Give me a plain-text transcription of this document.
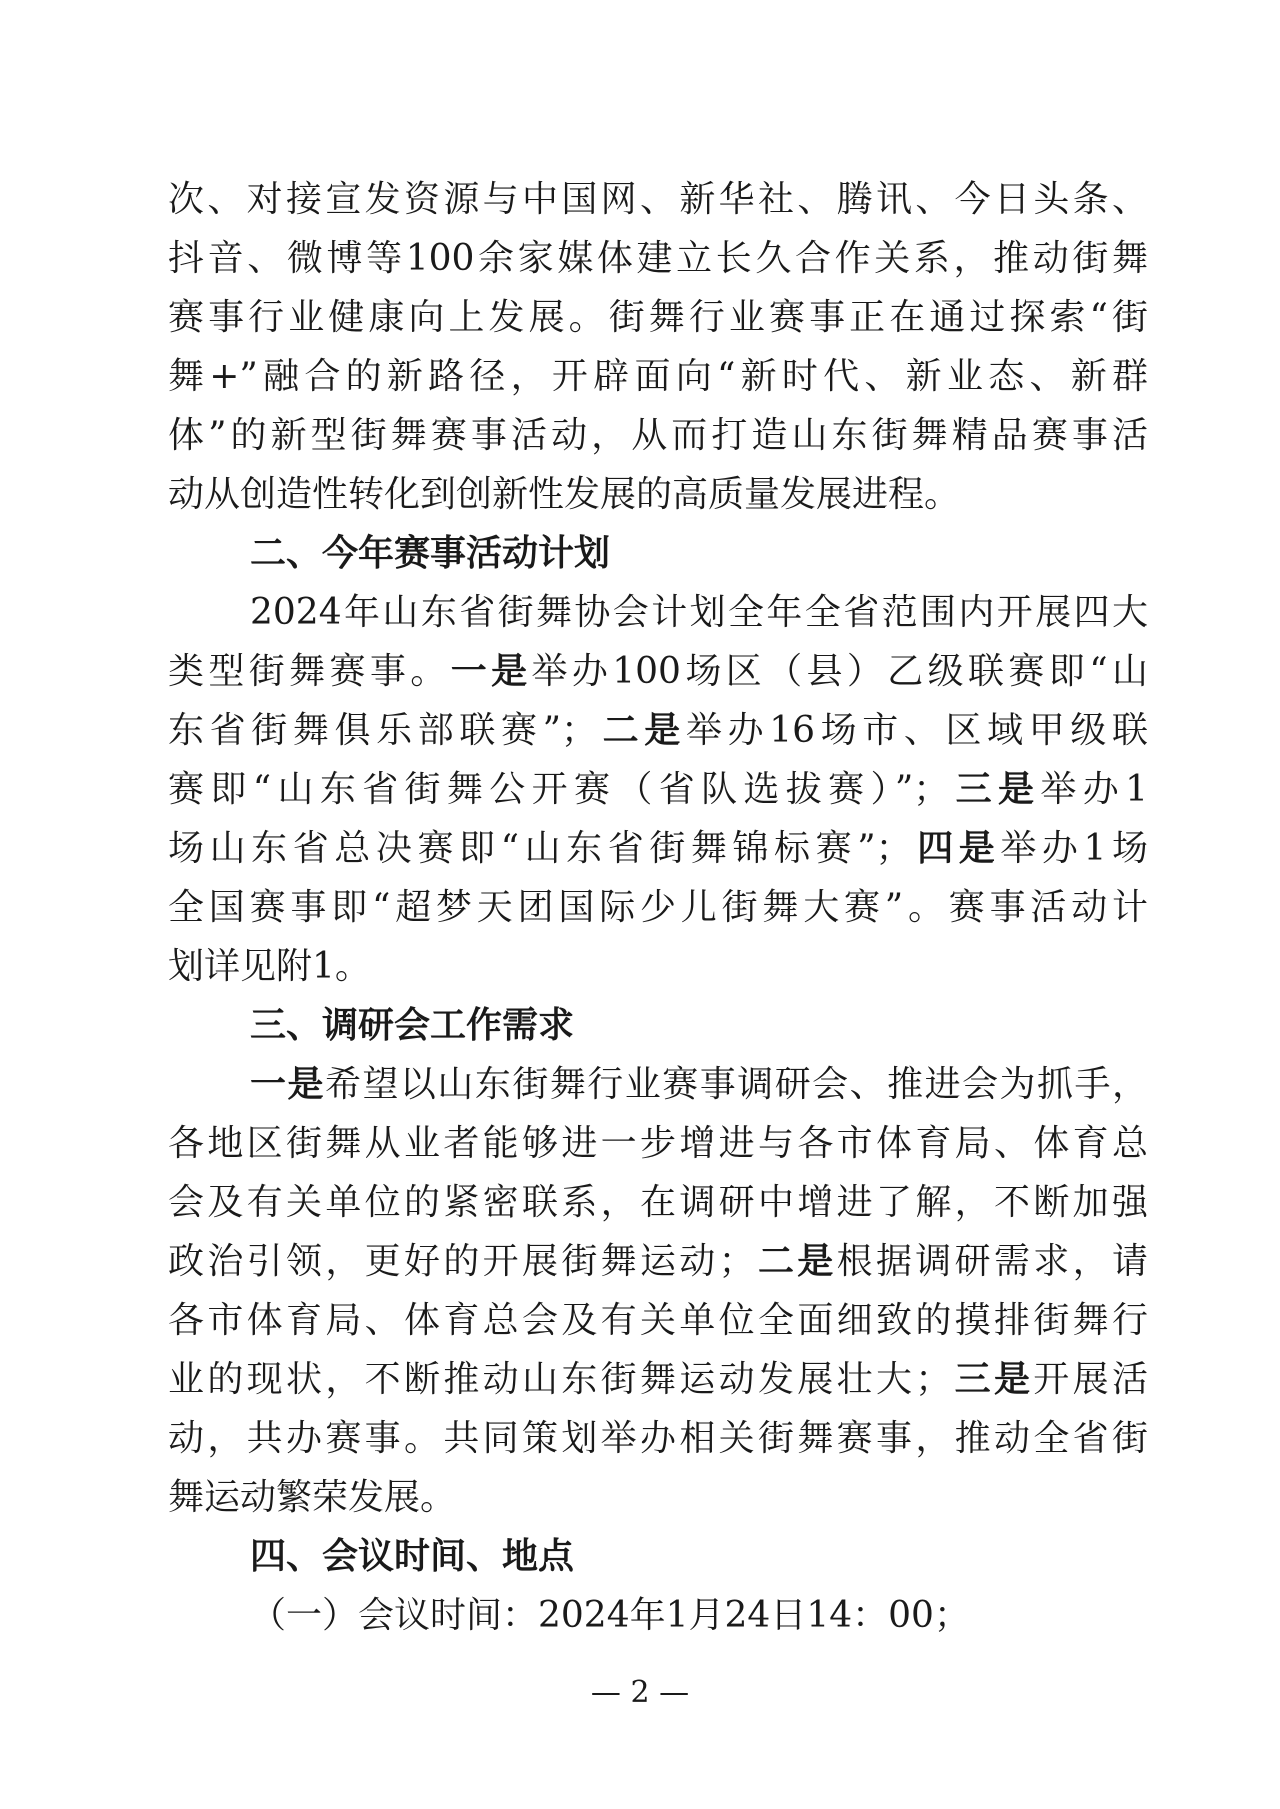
次、对接宣发资源与中国网、新华社、腾讯、今日头条、
抖音、微博等100余家媒体建立长久合作关系，推动街舞
赛事行业健康向上发展。街舞行业赛事正在通过探索“街
舞+”融合的新路径，开辟面向“新时代、新业态、新群
体”的新型街舞赛事活动，从而打造山东街舞精品赛事活
动从创造性转化到创新性发展的高质量发展进程。
二、今年赛事活动计划
2024年山东省街舞协会计划全年全省范围内开展四大
类型街舞赛事。一是举办100场区（县）乙级联赛即“山
东省街舞俱乐部联赛”；二是举办16场市、区域甲级联
赛即“山东省街舞公开赛（省队选拔赛）”；三是举办1
场山东省总决赛即“山东省街舞锦标赛”；四是举办1场
全国赛事即“超梦天团国际少儿街舞大赛”。赛事活动计
划详见附1。
三、调研会工作需求
一是希望以山东街舞行业赛事调研会、推进会为抓手，
各地区街舞从业者能够进一步增进与各市体育局、体育总
会及有关单位的紧密联系，在调研中增进了解，不断加强
政治引领，更好的开展街舞运动；二是根据调研需求，请
各市体育局、体育总会及有关单位全面细致的摸排街舞行
业的现状，不断推动山东街舞运动发展壮大；三是开展活
动，共办赛事。共同策划举办相关街舞赛事，推动全省街
舞运动繁荣发展。
四、会议时间、地点
（一）会议时间：2024年1月24日14：00；
— 2 —
